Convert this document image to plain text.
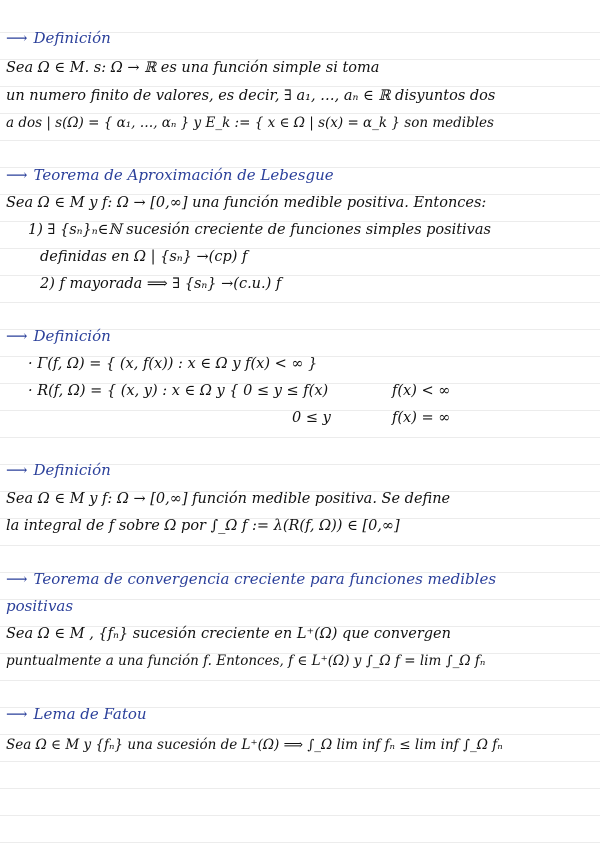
⟶ Definición
Sea Ω ∈ M. s: Ω → ℝ es una función simple si toma
un numero finito de valores, es decir, ∃ a₁, …, aₙ ∈ ℝ disyuntos dos
a dos | s(Ω) = { α₁, …, αₙ } y E_k := { x ∈ Ω | s(x) = α_k } son medibles
⟶ Teorema de Aproximación de Lebesgue
Sea Ω ∈ M y f: Ω → [0,∞] una función medible positiva. Entonces:
1) ∃ {sₙ}ₙ∈ℕ sucesión creciente de funciones simples positivas
definidas en Ω | {sₙ} →(cp) f
2) f mayorada ⟹ ∃ {sₙ} →(c.u.) f
⟶ Definición
· Γ(f, Ω) = { (x, f(x)) : x ∈ Ω y f(x) < ∞ }
· R(f, Ω) = { (x, y) : x ∈ Ω y { 0 ≤ y ≤ f(x)
0 ≤ y
f(x) < ∞
f(x) = ∞
⟶ Definición
Sea Ω ∈ M y f: Ω → [0,∞] función medible positiva. Se define
la integral de f sobre Ω por ∫_Ω f := λ(R(f, Ω)) ∈ [0,∞]
⟶ Teorema de convergencia creciente para funciones medibles
positivas
Sea Ω ∈ M , {fₙ} sucesión creciente en L⁺(Ω) que convergen
puntualmente a una función f. Entonces, f ∈ L⁺(Ω) y ∫_Ω f = lim ∫_Ω fₙ
⟶ Lema de Fatou
Sea Ω ∈ M y {fₙ} una sucesión de L⁺(Ω) ⟹ ∫_Ω lim inf fₙ ≤ lim inf ∫_Ω fₙ
